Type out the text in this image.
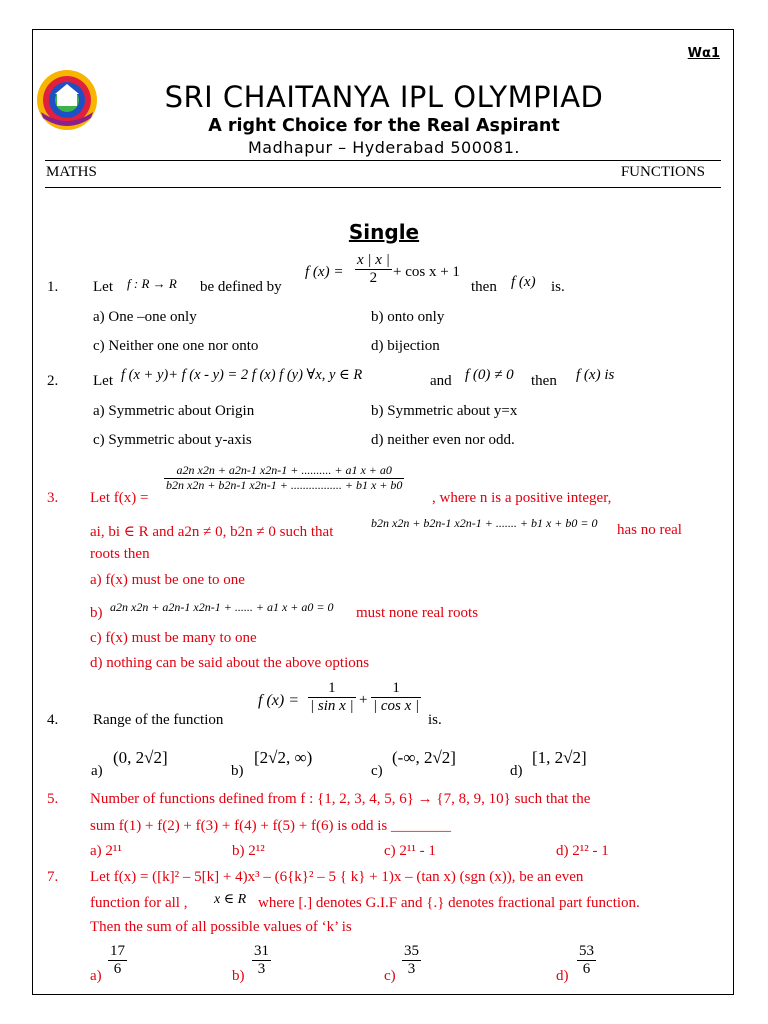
Wα1
SRI CHAITANYA IPL OLYMPIAD
A right Choice for the Real Aspirant
Madhapur – Hyderabad 500081.
MATHS	FUNCTIONS
Single
1. Let f : R → R be defined by
f $(x) = \frac{x | x |}{2} + \cos x + 1$
then f (x) is.
a) One –one only	b) onto only
c) Neither one one nor onto	d) bijection
2. Let f (x + y)+ f (x - y) = 2 f (x) f (y) ∀x, y ∈ R	and f (0) ≠ 0 then f (x) is
a) Symmetric about Origin	b) Symmetric about y=x
c) Symmetric about y-axis	d) neither even nor odd.
3. Let f(x) =
$\frac{\text{a2n x2n + a2n-1 x2n-1 + .......... + a1 x + a0}}{\text{b2n x2n + b2n-1 x2n-1 + ................. + b1 x + b0}}$
, where n is a positive integer,
ai, bi ∈ R and a2n ≠ 0, b2n ≠ 0 such that
b2n x2n + b2n-1 x2n-1 + ....... + b1 x + b0 = 0 has no real
roots then
a) f(x) must be one to one
b) a2n x2n + a2n-1 x2n-1 + ...... + a1 x + a0 = 0 must none real roots
c) f(x) must be many to one
d) nothing can be said about the above options
4. Range of the function
f $(x) = \frac{1}{\text{| sin x |}} + \frac{1}{\text{| cos x |}}$
is.
a)
(0, 2√2]
b)
[2√2, ∞)
c)
(-∞, 2√2]
d)
[1, 2√2]
5. Number of functions defined from f : {1, 2, 3, 4, 5, 6} → {7, 8, 9, 10} such that the
sum f(1) + f(2) + f(3) + f(4) + f(5) + f(6) is odd is ________
a) 2¹¹	b) 2¹²	c) 2¹¹ - 1	d) 2¹² - 1
7. Let f(x) = ([k]² – 5[k] + 4)x³ – (6{k}² – 5 { k} + 1)x – (tan x) (sgn (x)), be an even
function for all , x ∈ R where [.] denotes G.I.F and {.} denotes fractional part function.
Then the sum of all possible values of ‘k’ is
$a) \frac{17}{6}$	$b) \frac{31}{3}$	$c) \frac{35}{3}$	$d) \frac{53}{6}$
